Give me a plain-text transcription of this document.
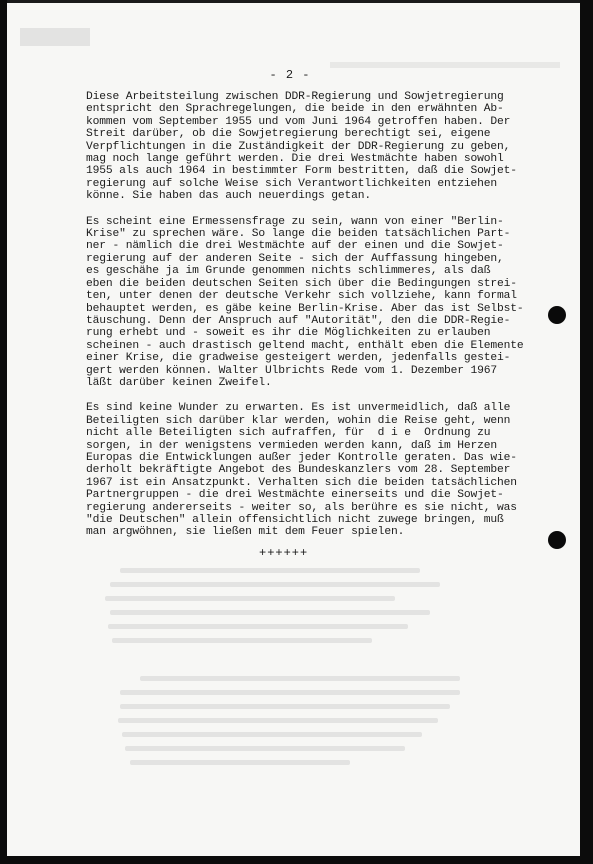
- 2 -

Diese Arbeitsteilung zwischen DDR-Regierung und Sowjetregierung
entspricht den Sprachregelungen, die beide in den erwähnten Ab-
kommen vom September 1955 und vom Juni 1964 getroffen haben. Der
Streit darüber, ob die Sowjetregierung berechtigt sei, eigene
Verpflichtungen in die Zuständigkeit der DDR-Regierung zu geben,
mag noch lange geführt werden. Die drei Westmächte haben sowohl
1955 als auch 1964 in bestimmter Form bestritten, daß die Sowjet-
regierung auf solche Weise sich Verantwortlichkeiten entziehen
könne. Sie haben das auch neuerdings getan.

Es scheint eine Ermessensfrage zu sein, wann von einer "Berlin-
Krise" zu sprechen wäre. So lange die beiden tatsächlichen Part-
ner - nämlich die drei Westmächte auf der einen und die Sowjet-
regierung auf der anderen Seite - sich der Auffassung hingeben,
es geschähe ja im Grunde genommen nichts schlimmeres, als daß
eben die beiden deutschen Seiten sich über die Bedingungen strei-
ten, unter denen der deutsche Verkehr sich vollziehe, kann formal
behauptet werden, es gäbe keine Berlin-Krise. Aber das ist Selbst-
täuschung. Denn der Anspruch auf "Autorität", den die DDR-Regie-
rung erhebt und - soweit es ihr die Möglichkeiten zu erlauben
scheinen - auch drastisch geltend macht, enthält eben die Elemente
einer Krise, die gradweise gesteigert werden, jedenfalls gestei-
gert werden können. Walter Ulbrichts Rede vom 1. Dezember 1967
läßt darüber keinen Zweifel.

Es sind keine Wunder zu erwarten. Es ist unvermeidlich, daß alle
Beteiligten sich darüber klar werden, wohin die Reise geht, wenn
nicht alle Beteiligten sich aufraffen, für  d i e  Ordnung zu
sorgen, in der wenigstens vermieden werden kann, daß im Herzen
Europas die Entwicklungen außer jeder Kontrolle geraten. Das wie-
derholt bekräftigte Angebot des Bundeskanzlers vom 28. September
1967 ist ein Ansatzpunkt. Verhalten sich die beiden tatsächlichen
Partnergruppen - die drei Westmächte einerseits und die Sowjet-
regierung andererseits - weiter so, als berühre es sie nicht, was
"die Deutschen" allein offensichtlich nicht zuwege bringen, muß
man argwöhnen, sie ließen mit dem Feuer spielen.

++++++
